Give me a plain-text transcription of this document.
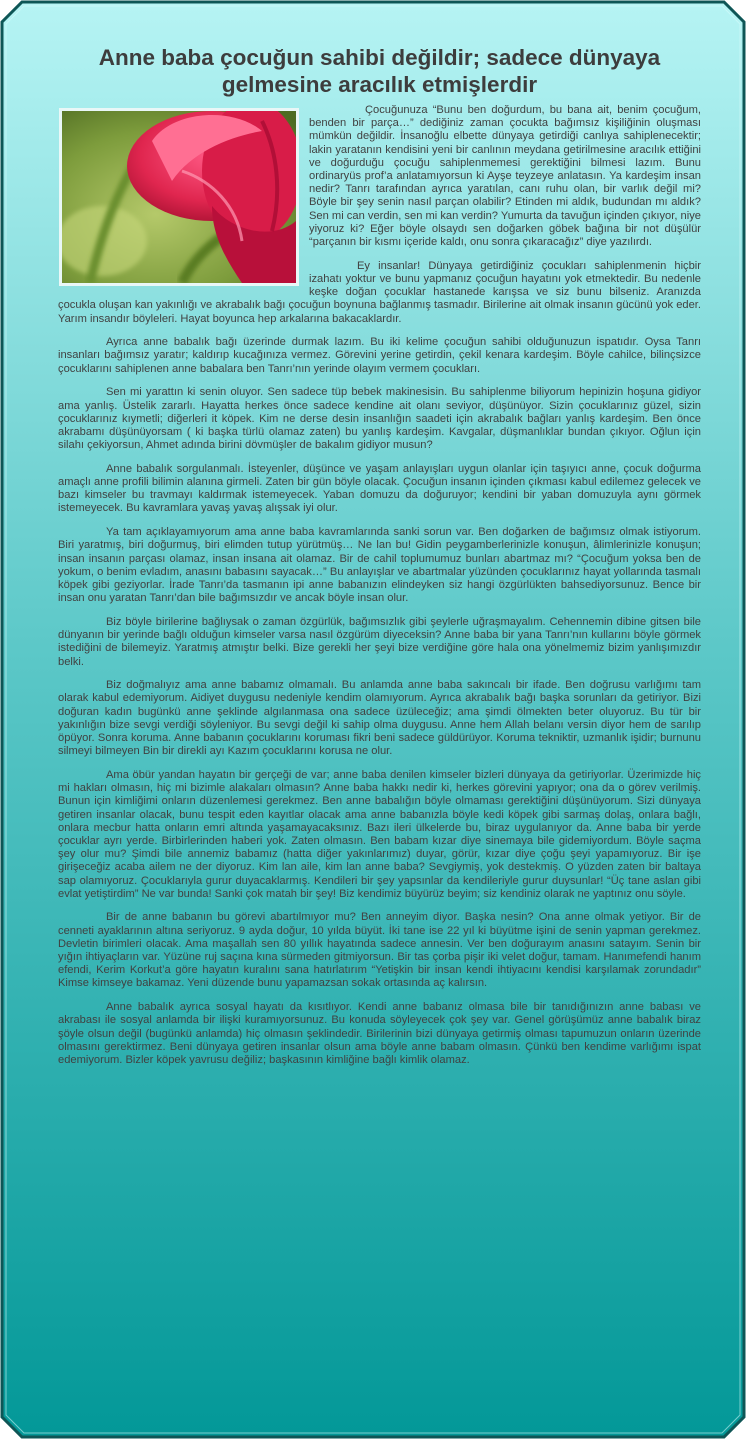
Anne baba çocuğun sahibi değildir; sadece dünyaya gelmesine aracılık etmişlerdir

Çocuğunuza “Bunu ben doğurdum, bu bana ait, benim çocuğum, benden bir parça…” dediğiniz zaman çocukta bağımsız kişiliğinin oluşması mümkün değildir. İnsanoğlu elbette dünyaya getirdiği canlıya sahiplenecektir; lakin yaratanın kendisini yeni bir canlının meydana getirilmesine aracılık ettiğini ve doğurduğu çocuğu sahiplenmemesi gerektiğini bilmesi lazım. Bunu ordinaryüs prof’a anlatamıyorsun ki Ayşe teyzeye anlatasın. Ya kardeşim insan nedir? Tanrı tarafından ayrıca yaratılan, canı ruhu olan, bir varlık değil mi? Böyle bir şey senin nasıl parçan olabilir? Etinden mi aldık, budundan mı aldık? Sen mi can verdin, sen mi kan verdin? Yumurta da tavuğun içinden çıkıyor, niye yiyoruz ki? Eğer böyle olsaydı sen doğarken göbek bağına bir not düşülür “parçanın bir kısmı içeride kaldı, onu sonra çıkaracağız” diye yazılırdı.

Ey insanlar! Dünyaya getirdiğiniz çocukları sahiplenmenin hiçbir izahatı yoktur ve bunu yapmanız çocuğun hayatını yok etmektedir. Bu nedenle keşke doğan çocuklar hastanede karışsa ve siz bunu bilseniz. Aranızda çocukla oluşan kan yakınlığı ve akrabalık bağı çocuğun boynuna bağlanmış tasmadır. Birilerine ait olmak insanın gücünü yok eder. Yarım insandır böyleleri. Hayat boyunca hep arkalarına bakacaklardır.

Ayrıca anne babalık bağı üzerinde durmak lazım. Bu iki kelime çocuğun sahibi olduğunuzun ispatıdır. Oysa Tanrı insanları bağımsız yaratır; kaldırıp kucağınıza vermez. Görevini yerine getirdin, çekil kenara kardeşim. Böyle cahilce, bilinçsizce çocuklarını sahiplenen anne babalara ben Tanrı’nın yerinde olayım vermem çocukları.

Sen mi yarattın ki senin oluyor. Sen sadece tüp bebek makinesisin. Bu sahiplenme biliyorum hepinizin hoşuna gidiyor ama yanlış. Üstelik zararlı. Hayatta herkes önce sadece kendine ait olanı seviyor, düşünüyor. Sizin çocuklarınız güzel, sizin çocuklarınız kıymetli; diğerleri it köpek. Kim ne derse desin insanlığın saadeti için akrabalık bağları yanlış kardeşim. Ben önce akrabamı düşünüyorsam ( ki başka türlü olamaz zaten) bu yanlış kardeşim. Kavgalar, düşmanlıklar bundan çıkıyor. Oğlun için silahı çekiyorsun, Ahmet adında birini dövmüşler de bakalım gidiyor musun?

Anne babalık sorgulanmalı. İsteyenler, düşünce ve yaşam anlayışları uygun olanlar için taşıyıcı anne, çocuk doğurma amaçlı anne profili bilimin alanına girmeli. Zaten bir gün böyle olacak. Çocuğun insanın içinden çıkması kabul edilemez gelecek ve bazı kimseler bu travmayı kaldırmak istemeyecek. Yaban domuzu da doğuruyor; kendini bir yaban domuzuyla aynı görmek istemeyecek. Bu kavramlara yavaş yavaş alışsak iyi olur.

Ya tam açıklayamıyorum ama anne baba kavramlarında sanki sorun var. Ben doğarken de bağımsız olmak istiyorum. Biri yaratmış, biri doğurmuş, biri elimden tutup yürütmüş… Ne lan bu! Gidin peygamberlerinizle konuşun, âlimlerinizle konuşun; insan insanın parçası olamaz, insan insana ait olamaz. Bir de cahil toplumumuz bunları abartmaz mı? “Çocuğum yoksa ben de yokum, o benim evladım, anasını babasını sayacak…” Bu anlayışlar ve abartmalar yüzünden çocuklarınız hayat yollarında tasmalı köpek gibi geziyorlar. İrade Tanrı’da tasmanın ipi anne babanızın elindeyken siz hangi özgürlükten bahsediyorsunuz. Bence bir insan onu yaratan Tanrı’dan bile bağımsızdır ve ancak böyle insan olur.

Biz böyle birilerine bağlıysak o zaman özgürlük, bağımsızlık gibi şeylerle uğraşmayalım. Cehennemin dibine gitsen bile dünyanın bir yerinde bağlı olduğun kimseler varsa nasıl özgürüm diyeceksin? Anne baba bir yana Tanrı’nın kullarını böyle görmek istediğini de bilemeyiz. Yaratmış atmıştır belki. Bize gerekli her şeyi bize verdiğine göre hala ona yönelmemiz bizim yanlışımızdır belki.

Biz doğmalıyız ama anne babamız olmamalı. Bu anlamda anne baba sakıncalı bir ifade. Ben doğrusu varlığımı tam olarak kabul edemiyorum. Aidiyet duygusu nedeniyle kendim olamıyorum. Ayrıca akrabalık bağı başka sorunları da getiriyor. Bizi doğuran kadın bugünkü anne şeklinde algılanmasa ona sadece üzüleceğiz; ama şimdi ölmekten beter oluyoruz. Bu tür bir yakınlığın bize sevgi verdiği söyleniyor. Bu sevgi değil ki sahip olma duygusu. Anne hem Allah belanı versin diyor hem de sarılıp öpüyor. Sonra koruma. Anne babanın çocuklarını koruması fikri beni sadece güldürüyor. Koruma tekniktir, uzmanlık işidir; burnunu silmeyi bilmeyen Bin bir direkli ayı Kazım çocuklarını korusa ne olur.

Ama öbür yandan hayatın bir gerçeği de var; anne baba denilen kimseler bizleri dünyaya da getiriyorlar. Üzerimizde hiç mi hakları olmasın, hiç mi bizimle alakaları olmasın? Anne baba hakkı nedir ki, herkes görevini yapıyor; ona da o görev verilmiş. Bunun için kimliğimi onların düzenlemesi gerekmez. Ben anne babalığın böyle olmaması gerektiğini düşünüyorum. Sizi dünyaya getiren insanlar olacak, bunu tespit eden kayıtlar olacak ama anne babanızla böyle kedi köpek gibi sarmaş dolaş, onlara bağlı, onlara mecbur hatta onların emri altında yaşamayacaksınız. Bazı ileri ülkelerde bu, biraz uygulanıyor da. Anne baba bir yerde çocuklar ayrı yerde. Birbirlerinden haberi yok. Zaten olmasın. Ben babam kızar diye sinemaya bile gidemiyordum. Böyle saçma şey olur mu? Şimdi bile annemiz babamız (hatta diğer yakınlarımız) duyar, görür, kızar diye çoğu şeyi yapamıyoruz. Bir işe girişeceğiz acaba ailem ne der diyoruz. Kim lan aile, kim lan anne baba? Sevgiymiş, yok destekmiş. O yüzden zaten bir baltaya sap olamıyoruz. Çocuklarıyla gurur duyacaklarmış. Kendileri bir şey yapsınlar da kendileriyle gurur duysunlar! “Üç tane aslan gibi evlat yetiştirdim” Ne var bunda! Sanki çok matah bir şey! Biz kendimiz büyürüz beyim; siz kendiniz olarak ne yaptınız onu söyle.

Bir de anne babanın bu görevi abartılmıyor mu? Ben anneyim diyor. Başka nesin? Ona anne olmak yetiyor. Bir de cenneti ayaklarının altına seriyoruz. 9 ayda doğur, 10 yılda büyüt. İki tane ise 22 yıl ki büyütme işini de senin yapman gerekmez. Devletin birimleri olacak. Ama maşallah sen 80 yıllık hayatında sadece annesin. Ver ben doğurayım anasını satayım. Senin bir yığın ihtiyaçların var. Yüzüne ruj saçına kına sürmeden gitmiyorsun. Bir tas çorba pişir iki velet doğur, tamam. Hanımefendi hanım efendi, Kerim Korkut’a göre hayatın kuralını sana hatırlatırım “Yetişkin bir insan kendi ihtiyacını kendisi karşılamak zorundadır” Kimse kimseye bakamaz. Yeni düzende bunu yapamazsan sokak ortasında aç kalırsın.

Anne babalık ayrıca sosyal hayatı da kısıtlıyor. Kendi anne babanız olmasa bile bir tanıdığınızın anne babası ve akrabası ile sosyal anlamda bir ilişki kuramıyorsunuz. Bu konuda söyleyecek çok şey var. Genel görüşümüz anne babalık biraz şöyle olsun değil (bugünkü anlamda) hiç olmasın şeklindedir. Birilerinin bizi dünyaya getirmiş olması tapumuzun onların üzerinde olmasını gerektirmez. Beni dünyaya getiren insanlar olsun ama böyle anne babam olmasın. Çünkü ben kendime varlığımı ispat edemiyorum. Bizler köpek yavrusu değiliz; başkasının kimliğine bağlı kimlik olamaz.
